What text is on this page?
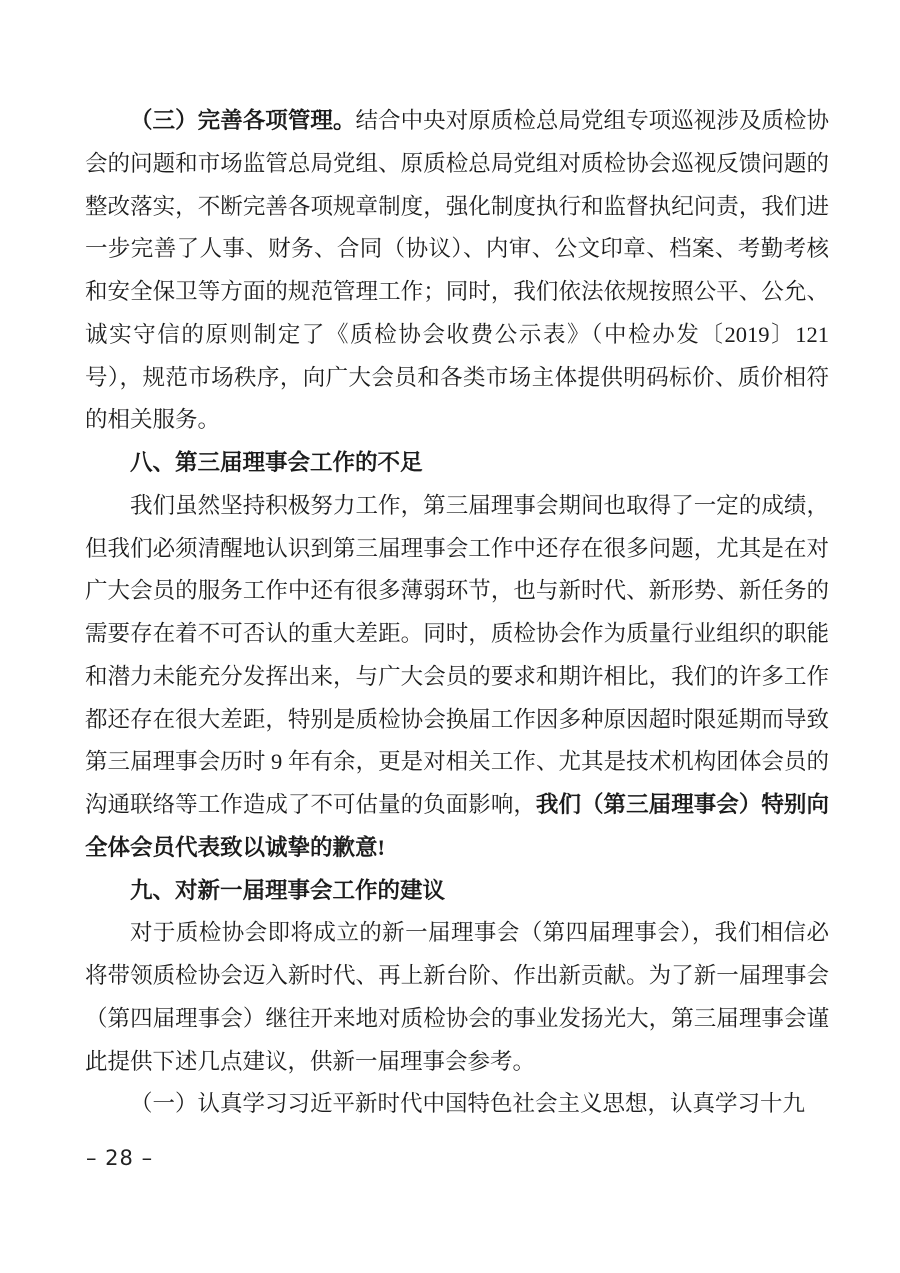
（三）完善各项管理。结合中央对原质检总局党组专项巡视涉及质检协会的问题和市场监管总局党组、原质检总局党组对质检协会巡视反馈问题的整改落实，不断完善各项规章制度，强化制度执行和监督执纪问责，我们进一步完善了人事、财务、合同（协议）、内审、公文印章、档案、考勤考核和安全保卫等方面的规范管理工作；同时，我们依法依规按照公平、公允、诚实守信的原则制定了《质检协会收费公示表》（中检办发〔2019〕121 号），规范市场秩序，向广大会员和各类市场主体提供明码标价、质价相符的相关服务。

八、第三届理事会工作的不足

我们虽然坚持积极努力工作，第三届理事会期间也取得了一定的成绩，但我们必须清醒地认识到第三届理事会工作中还存在很多问题，尤其是在对广大会员的服务工作中还有很多薄弱环节，也与新时代、新形势、新任务的需要存在着不可否认的重大差距。同时，质检协会作为质量行业组织的职能和潜力未能充分发挥出来，与广大会员的要求和期许相比，我们的许多工作都还存在很大差距，特别是质检协会换届工作因多种原因超时限延期而导致第三届理事会历时 9 年有余，更是对相关工作、尤其是技术机构团体会员的沟通联络等工作造成了不可估量的负面影响，我们（第三届理事会）特别向全体会员代表致以诚挚的歉意!

九、对新一届理事会工作的建议

对于质检协会即将成立的新一届理事会（第四届理事会），我们相信必将带领质检协会迈入新时代、再上新台阶、作出新贡献。为了新一届理事会（第四届理事会）继往开来地对质检协会的事业发扬光大，第三届理事会谨此提供下述几点建议，供新一届理事会参考。

（一）认真学习习近平新时代中国特色社会主义思想，认真学习十九

– 28 –
